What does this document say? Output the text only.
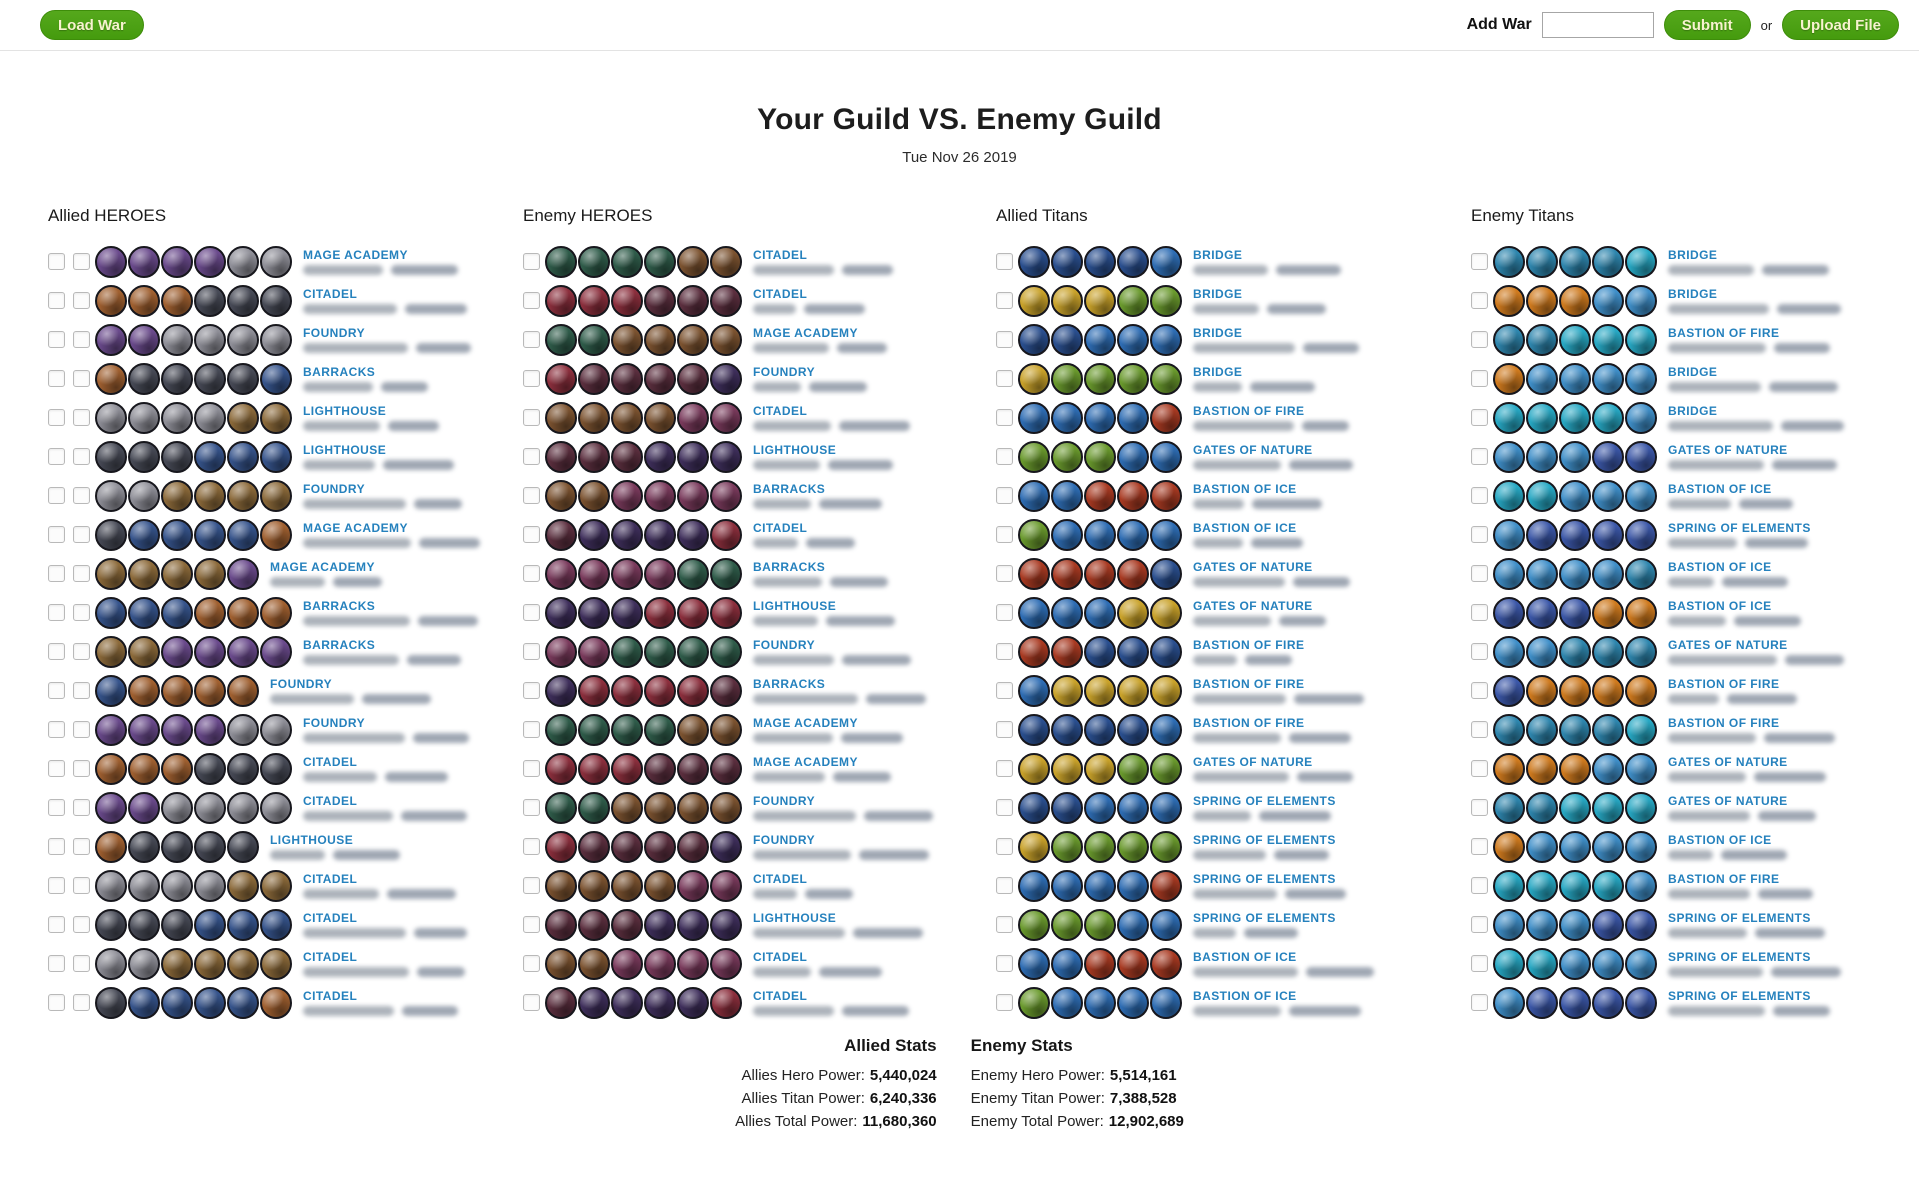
Load War	Add War	Submit	or	Upload File
Your Guild VS. Enemy Guild
Tue Nov 26 2019
Allied HEROES
MAGE ACADEMY
CITADEL
FOUNDRY
BARRACKS
LIGHTHOUSE
LIGHTHOUSE
FOUNDRY
MAGE ACADEMY
MAGE ACADEMY
BARRACKS
BARRACKS
FOUNDRY
FOUNDRY
CITADEL
CITADEL
LIGHTHOUSE
CITADEL
CITADEL
CITADEL
CITADEL
Enemy HEROES
CITADEL
CITADEL
MAGE ACADEMY
FOUNDRY
CITADEL
LIGHTHOUSE
BARRACKS
CITADEL
BARRACKS
LIGHTHOUSE
FOUNDRY
BARRACKS
MAGE ACADEMY
MAGE ACADEMY
FOUNDRY
FOUNDRY
CITADEL
LIGHTHOUSE
CITADEL
CITADEL
Allied Titans
BRIDGE
BRIDGE
BRIDGE
BRIDGE
BASTION OF FIRE
GATES OF NATURE
BASTION OF ICE
BASTION OF ICE
GATES OF NATURE
GATES OF NATURE
BASTION OF FIRE
BASTION OF FIRE
BASTION OF FIRE
GATES OF NATURE
SPRING OF ELEMENTS
SPRING OF ELEMENTS
SPRING OF ELEMENTS
SPRING OF ELEMENTS
BASTION OF ICE
BASTION OF ICE
Enemy Titans
BRIDGE
BRIDGE
BASTION OF FIRE
BRIDGE
BRIDGE
GATES OF NATURE
BASTION OF ICE
SPRING OF ELEMENTS
BASTION OF ICE
BASTION OF ICE
GATES OF NATURE
BASTION OF FIRE
BASTION OF FIRE
GATES OF NATURE
GATES OF NATURE
BASTION OF ICE
BASTION OF FIRE
SPRING OF ELEMENTS
SPRING OF ELEMENTS
SPRING OF ELEMENTS
Allied Stats
Allies Hero Power: 5,440,024
Allies Titan Power: 6,240,336
Allies Total Power: 11,680,360
Enemy Stats
Enemy Hero Power: 5,514,161
Enemy Titan Power: 7,388,528
Enemy Total Power: 12,902,689
